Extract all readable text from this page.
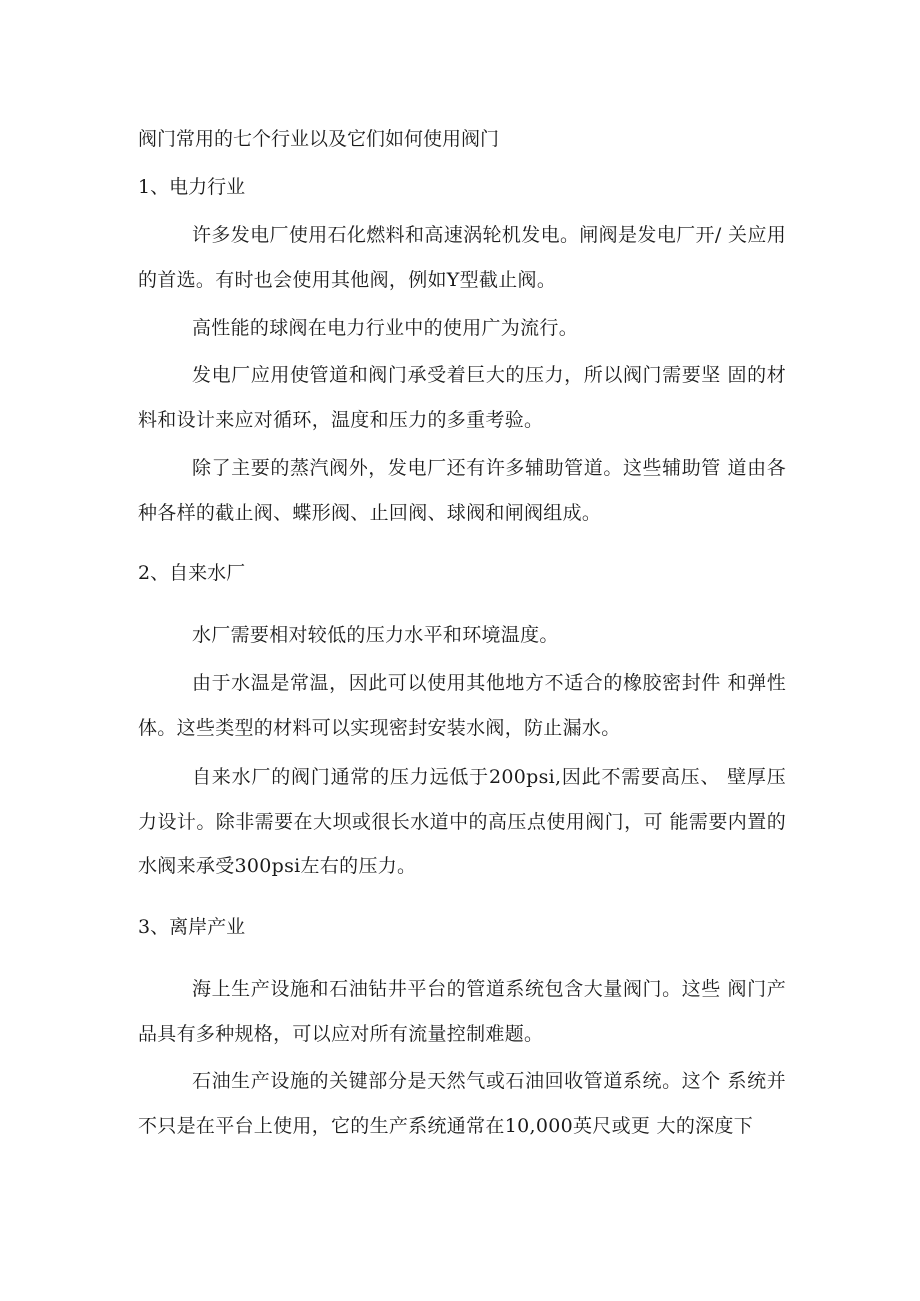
阀门常用的七个行业以及它们如何使用阀门
1、电力行业
许多发电厂使用石化燃料和高速涡轮机发电。闸阀是发电厂开/ 关应用的首选。有时也会使用其他阀，例如Y型截止阀。
高性能的球阀在电力行业中的使用广为流行。
发电厂应用使管道和阀门承受着巨大的压力，所以阀门需要坚 固的材料和设计来应对循环，温度和压力的多重考验。
除了主要的蒸汽阀外，发电厂还有许多辅助管道。这些辅助管 道由各种各样的截止阀、蝶形阀、止回阀、球阀和闸阀组成。
2、自来水厂
水厂需要相对较低的压力水平和环境温度。
由于水温是常温，因此可以使用其他地方不适合的橡胶密封件 和弹性体。这些类型的材料可以实现密封安装水阀，防止漏水。
自来水厂的阀门通常的压力远低于200psi,因此不需要高压、 壁厚压力设计。除非需要在大坝或很长水道中的高压点使用阀门，可 能需要内置的水阀来承受300psi左右的压力。
3、离岸产业
海上生产设施和石油钻井平台的管道系统包含大量阀门。这些 阀门产品具有多种规格，可以应对所有流量控制难题。
石油生产设施的关键部分是天然气或石油回收管道系统。这个 系统并不只是在平台上使用，它的生产系统通常在10,000英尺或更 大的深度下
